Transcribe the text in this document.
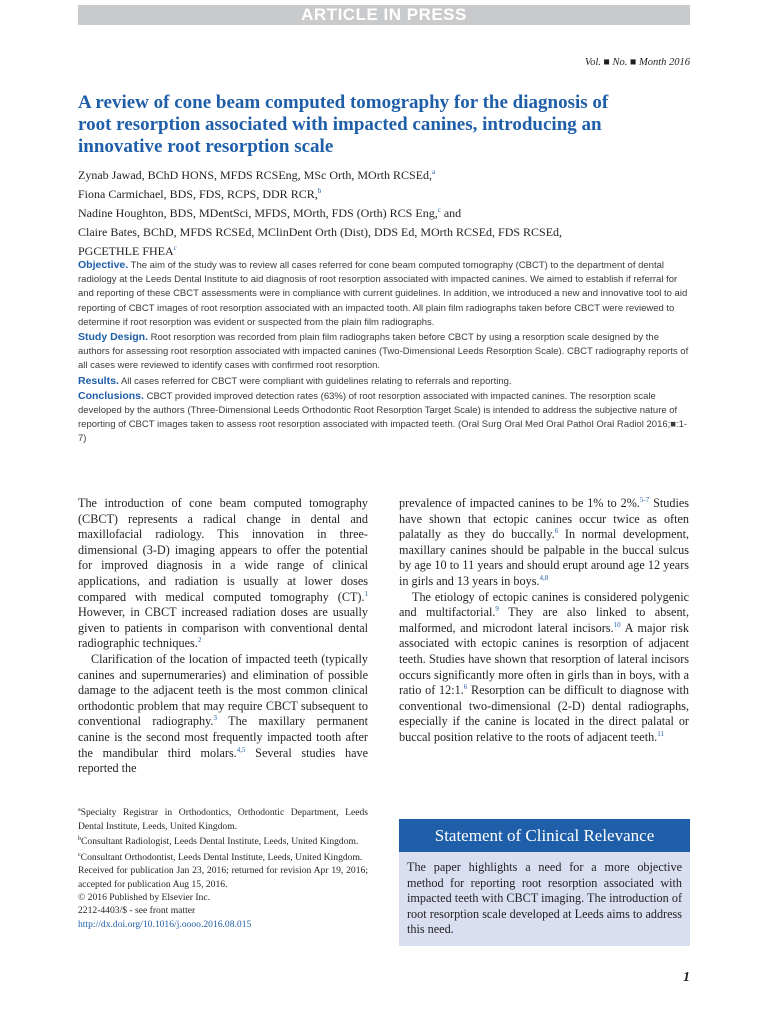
ARTICLE IN PRESS
Vol. ■ No. ■ Month 2016
A review of cone beam computed tomography for the diagnosis of root resorption associated with impacted canines, introducing an innovative root resorption scale
Zynab Jawad, BChD HONS, MFDS RCSEng, MSc Orth, MOrth RCSEd,$^a$
Fiona Carmichael, BDS, FDS, RCPS, DDR RCR,$^b$
Nadine Houghton, BDS, MDentSci, MFDS, MOrth, FDS (Orth) RCS Eng,$^c$ and
Claire Bates, BChD, MFDS RCSEd, MClinDent Orth (Dist), DDS Ed, MOrth RCSEd, FDS RCSEd,
PGCETHLE FHEA$^c$

Objective. The aim of the study was to review all cases referred for cone beam computed tomography (CBCT) to the department of dental radiology at the Leeds Dental Institute to aid diagnosis of root resorption associated with impacted canines. We aimed to establish if referral for and reporting of these CBCT assessments were in compliance with current guidelines. In addition, we introduced a new and innovative tool to aid reporting of CBCT images of root resorption associated with an impacted tooth. All plain film radiographs taken before CBCT were reviewed to determine if root resorption was evident or suspected from the plain film radiographs.

Study Design. Root resorption was recorded from plain film radiographs taken before CBCT by using a resorption scale designed by the authors for assessing root resorption associated with impacted canines (Two-Dimensional Leeds Resorption Scale). CBCT radiography reports of all cases were reviewed to identify cases with confirmed root resorption.

Results. All cases referred for CBCT were compliant with guidelines relating to referrals and reporting.

Conclusions. CBCT provided improved detection rates (63%) of root resorption associated with impacted canines. The resorption scale developed by the authors (Three-Dimensional Leeds Orthodontic Root Resorption Target Scale) is intended to address the subjective nature of reporting of CBCT images taken to assess root resorption associated with impacted teeth. (Oral Surg Oral Med Oral Pathol Oral Radiol 2016;■:1-7)

The introduction of cone beam computed tomography (CBCT) represents a radical change in dental and maxillofacial radiology. This innovation in three-dimensional (3-D) imaging appears to offer the potential for improved diagnosis in a wide range of clinical applications, and radiation is usually at lower doses compared with medical computed tomography (CT).$^1$ However, in CBCT increased radiation doses are usually given to patients in comparison with conventional dental radiographic techniques.$^2$

Clarification of the location of impacted teeth (typically canines and supernumeraries) and elimination of possible damage to the adjacent teeth is the most common clinical orthodontic problem that may require CBCT subsequent to conventional radiography.$^3$ The maxillary permanent canine is the second most frequently impacted tooth after the mandibular third molars.$^{4,5}$ Several studies have reported the

prevalence of impacted canines to be 1% to 2%.$^{5-7}$ Studies have shown that ectopic canines occur twice as often palatally as they do buccally.$^6$ In normal development, maxillary canines should be palpable in the buccal sulcus by age 10 to 11 years and should erupt around age 12 years in girls and 13 years in boys.$^{4,8}$

The etiology of ectopic canines is considered polygenic and multifactorial.$^9$ They are also linked to absent, malformed, and microdont lateral incisors.$^{10}$ A major risk associated with ectopic canines is resorption of adjacent teeth. Studies have shown that resorption of lateral incisors occurs significantly more often in girls than in boys, with a ratio of 12:1.$^6$ Resorption can be difficult to diagnose with conventional two-dimensional (2-D) dental radiographs, especially if the canine is located in the direct palatal or buccal position relative to the roots of adjacent teeth.$^{11}$

$^a$Specialty Registrar in Orthodontics, Orthodontic Department, Leeds Dental Institute, Leeds, United Kingdom.
$^b$Consultant Radiologist, Leeds Dental Institute, Leeds, United Kingdom.
$^c$Consultant Orthodontist, Leeds Dental Institute, Leeds, United Kingdom.
Received for publication Jan 23, 2016; returned for revision Apr 19, 2016; accepted for publication Aug 15, 2016.
© 2016 Published by Elsevier Inc.
2212-4403/$ - see front matter
http://dx.doi.org/10.1016/j.oooo.2016.08.015
Statement of Clinical Relevance
The paper highlights a need for a more objective method for reporting root resorption associated with impacted teeth with CBCT imaging. The introduction of root resorption scale developed at Leeds aims to address this need.
1
